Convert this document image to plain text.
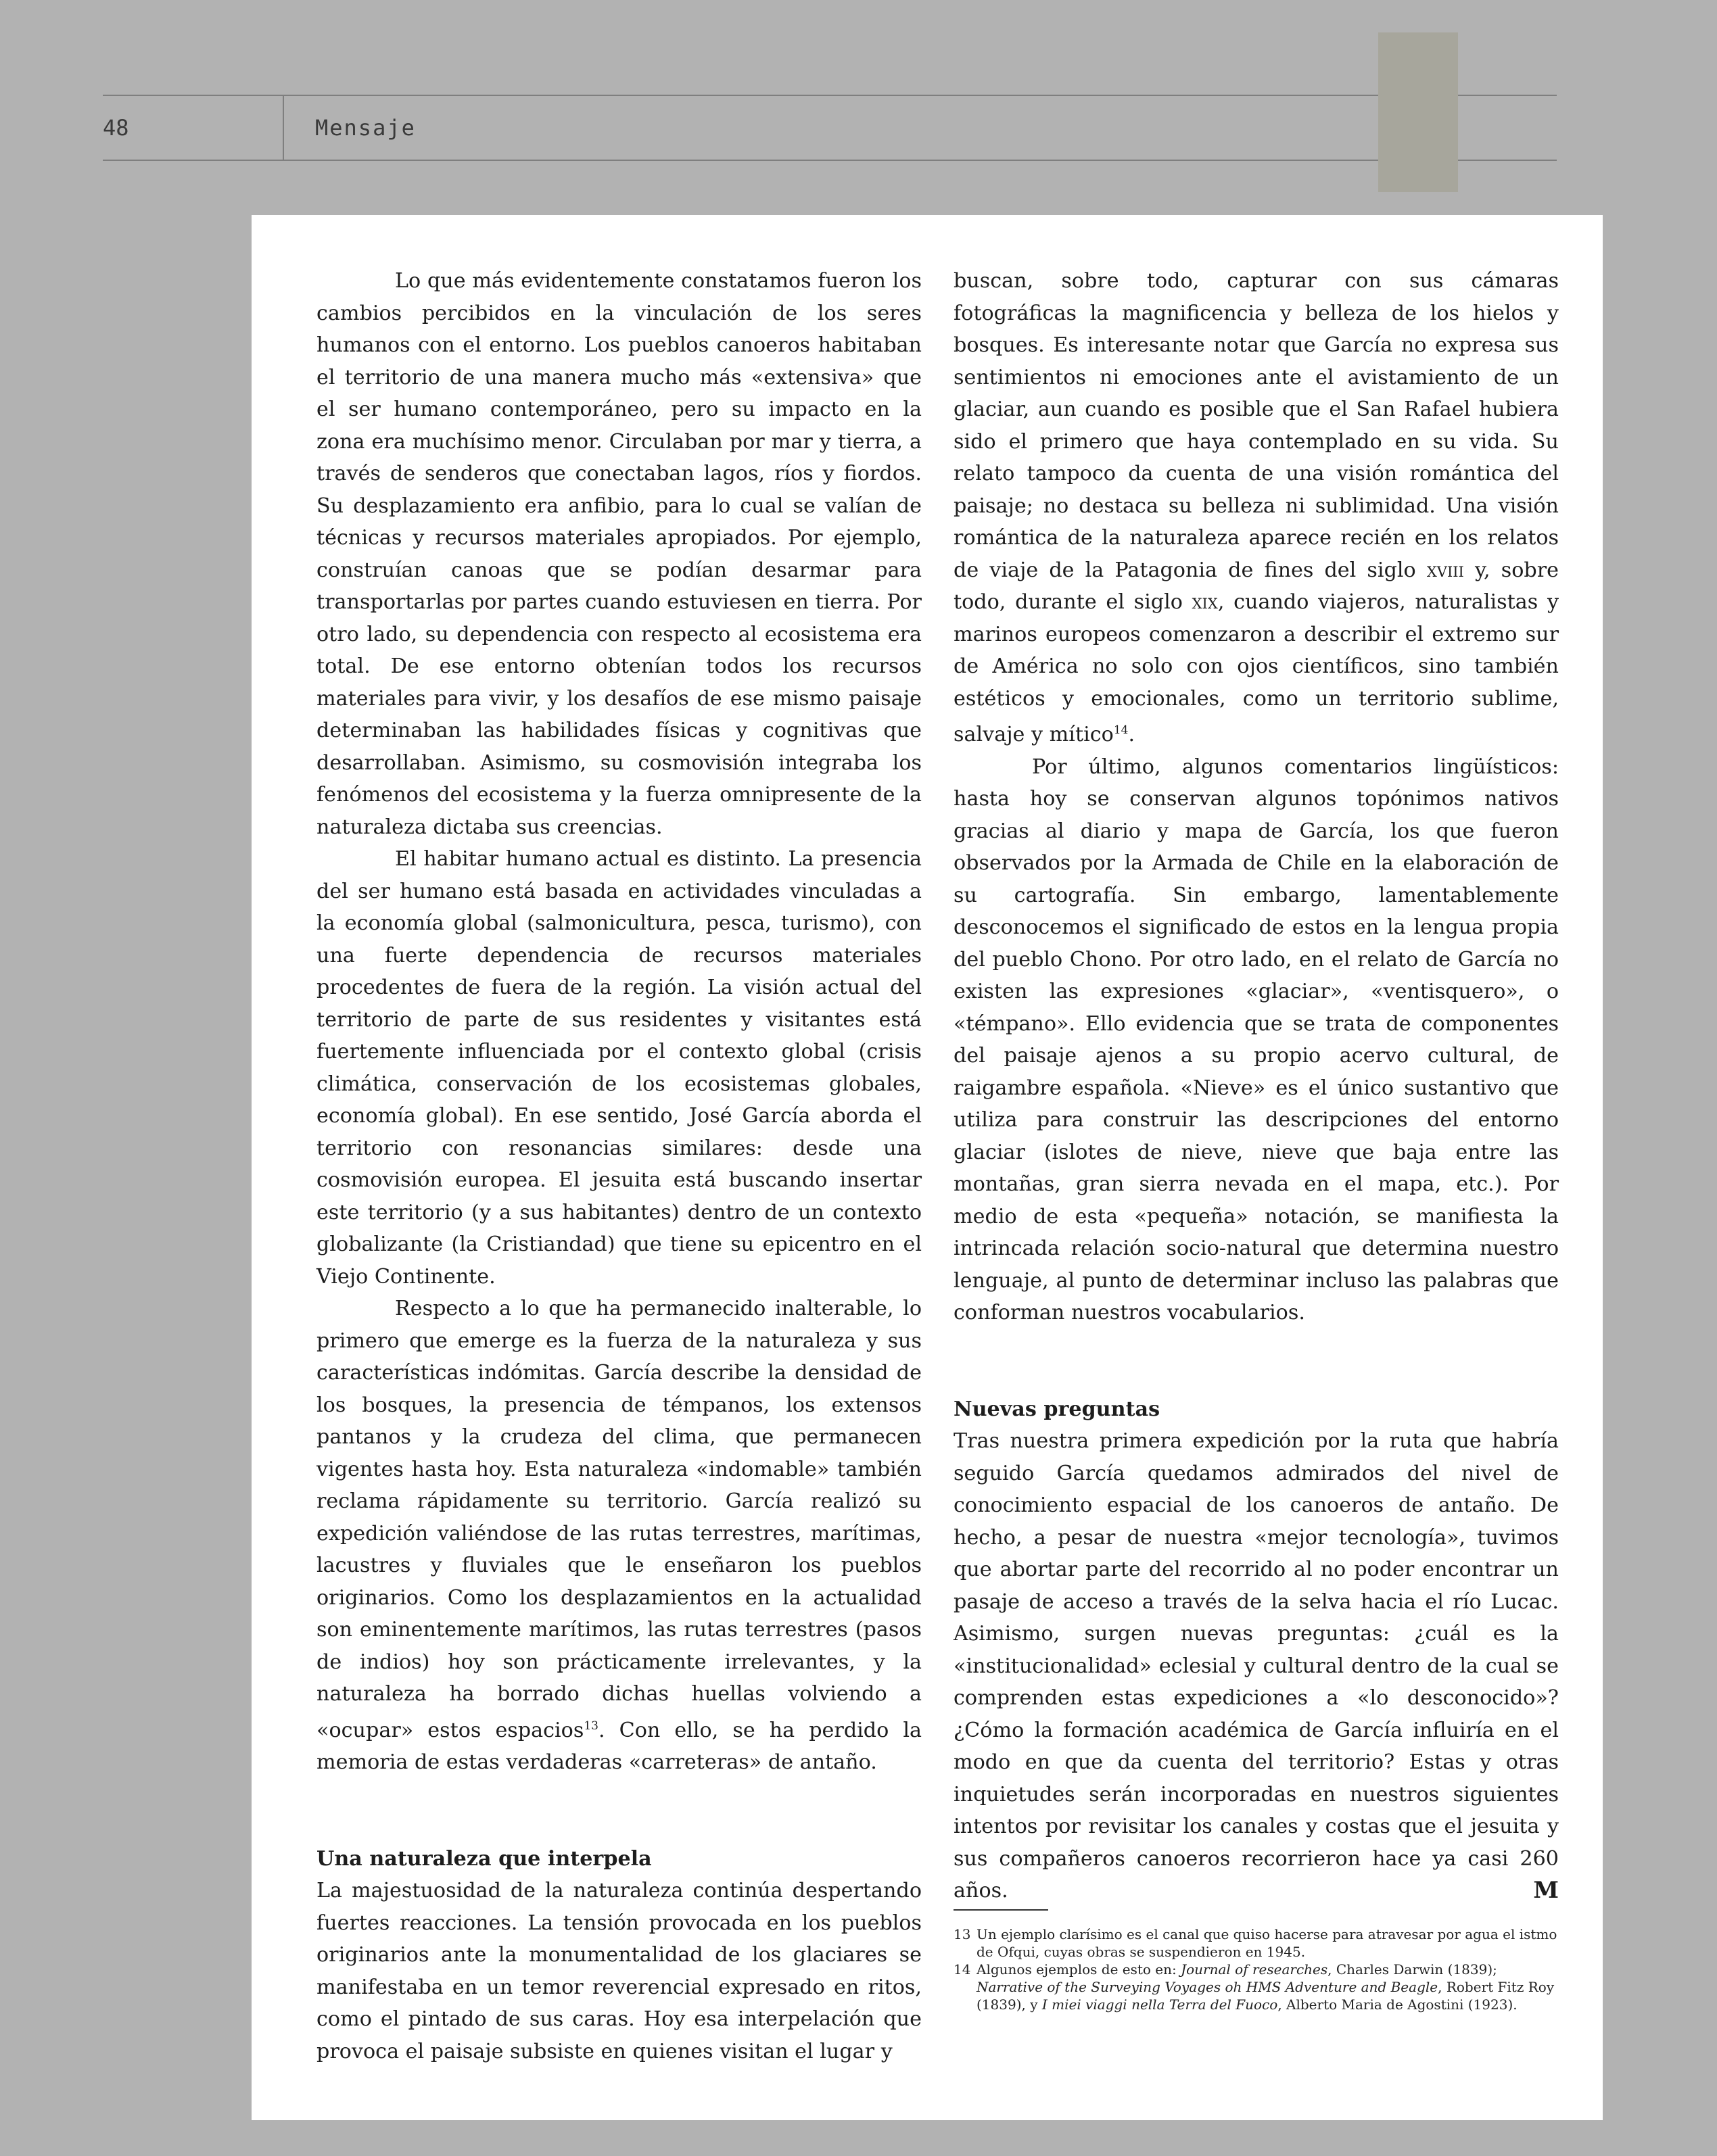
48	Mensaje

Lo que más evidentemente constatamos fueron los cambios percibidos en la vinculación de los seres humanos con el entorno. Los pueblos canoeros habitaban el territorio de una manera mucho más «extensiva» que el ser humano contemporáneo, pero su impacto en la zona era muchísimo menor. Circulaban por mar y tierra, a través de senderos que conectaban lagos, ríos y fiordos. Su desplazamiento era anfibio, para lo cual se valían de técnicas y recursos materiales apropiados. Por ejemplo, construían canoas que se podían desarmar para transportarlas por partes cuando estuviesen en tierra. Por otro lado, su dependencia con respecto al ecosistema era total. De ese entorno obtenían todos los recursos materiales para vivir, y los desafíos de ese mismo paisaje determinaban las habilidades físicas y cognitivas que desarrollaban. Asimismo, su cosmovisión integraba los fenómenos del ecosistema y la fuerza omnipresente de la naturaleza dictaba sus creencias.

El habitar humano actual es distinto. La presencia del ser humano está basada en actividades vinculadas a la economía global (salmonicultura, pesca, turismo), con una fuerte dependencia de recursos materiales procedentes de fuera de la región. La visión actual del territorio de parte de sus residentes y visitantes está fuertemente influenciada por el contexto global (crisis climática, conservación de los ecosistemas globales, economía global). En ese sentido, José García aborda el territorio con resonancias similares: desde una cosmovisión europea. El jesuita está buscando insertar este territorio (y a sus habitantes) dentro de un contexto globalizante (la Cristiandad) que tiene su epicentro en el Viejo Continente.

Respecto a lo que ha permanecido inalterable, lo primero que emerge es la fuerza de la naturaleza y sus características indómitas. García describe la densidad de los bosques, la presencia de témpanos, los extensos pantanos y la crudeza del clima, que permanecen vigentes hasta hoy. Esta naturaleza «indomable» también reclama rápidamente su territorio. García realizó su expedición valiéndose de las rutas terrestres, marítimas, lacustres y fluviales que le enseñaron los pueblos originarios. Como los desplazamientos en la actualidad son eminentemente marítimos, las rutas terrestres (pasos de indios) hoy son prácticamente irrelevantes, y la naturaleza ha borrado dichas huellas volviendo a «ocupar» estos espacios$^{13}$. Con ello, se ha perdido la memoria de estas verdaderas «carreteras» de antaño.

Una naturaleza que interpela

La majestuosidad de la naturaleza continúa despertando fuertes reacciones. La tensión provocada en los pueblos originarios ante la monumentalidad de los glaciares se manifestaba en un temor reverencial expresado en ritos, como el pintado de sus caras. Hoy esa interpelación que provoca el paisaje subsiste en quienes visitan el lugar y

buscan, sobre todo, capturar con sus cámaras fotográficas la magnificencia y belleza de los hielos y bosques. Es interesante notar que García no expresa sus sentimientos ni emociones ante el avistamiento de un glaciar, aun cuando es posible que el San Rafael hubiera sido el primero que haya contemplado en su vida. Su relato tampoco da cuenta de una visión romántica del paisaje; no destaca su belleza ni sublimidad. Una visión romántica de la naturaleza aparece recién en los relatos de viaje de la Patagonia de fines del siglo xviii y, sobre todo, durante el siglo xix, cuando viajeros, naturalistas y marinos europeos comenzaron a describir el extremo sur de América no solo con ojos científicos, sino también estéticos y emocionales, como un territorio sublime, salvaje y mítico$^{14}$.

Por último, algunos comentarios lingüísticos: hasta hoy se conservan algunos topónimos nativos gracias al diario y mapa de García, los que fueron observados por la Armada de Chile en la elaboración de su cartografía. Sin embargo, lamentablemente desconocemos el significado de estos en la lengua propia del pueblo Chono. Por otro lado, en el relato de García no existen las expresiones «glaciar», «ventisquero», o «témpano». Ello evidencia que se trata de componentes del paisaje ajenos a su propio acervo cultural, de raigambre española. «Nieve» es el único sustantivo que utiliza para construir las descripciones del entorno glaciar (islotes de nieve, nieve que baja entre las montañas, gran sierra nevada en el mapa, etc.). Por medio de esta «pequeña» notación, se manifiesta la intrincada relación socio-natural que determina nuestro lenguaje, al punto de determinar incluso las palabras que conforman nuestros vocabularios.

Nuevas preguntas

Tras nuestra primera expedición por la ruta que habría seguido García quedamos admirados del nivel de conocimiento espacial de los canoeros de antaño. De hecho, a pesar de nuestra «mejor tecnología», tuvimos que abortar parte del recorrido al no poder encontrar un pasaje de acceso a través de la selva hacia el río Lucac. Asimismo, surgen nuevas preguntas: ¿cuál es la «institucionalidad» eclesial y cultural dentro de la cual se comprenden estas expediciones a «lo desconocido»? ¿Cómo la formación académica de García influiría en el modo en que da cuenta del territorio? Estas y otras inquietudes serán incorporadas en nuestros siguientes intentos por revisitar los canales y costas que el jesuita y sus compañeros canoeros recorrieron hace ya casi 260 años.	M

13 Un ejemplo clarísimo es el canal que quiso hacerse para atravesar por agua el istmo de Ofqui, cuyas obras se suspendieron en 1945.

14 Algunos ejemplos de esto en: Journal of researches, Charles Darwin (1839); Narrative of the Surveying Voyages oh HMS Adventure and Beagle, Robert Fitz Roy (1839), y I miei viaggi nella Terra del Fuoco, Alberto Maria de Agostini (1923).
